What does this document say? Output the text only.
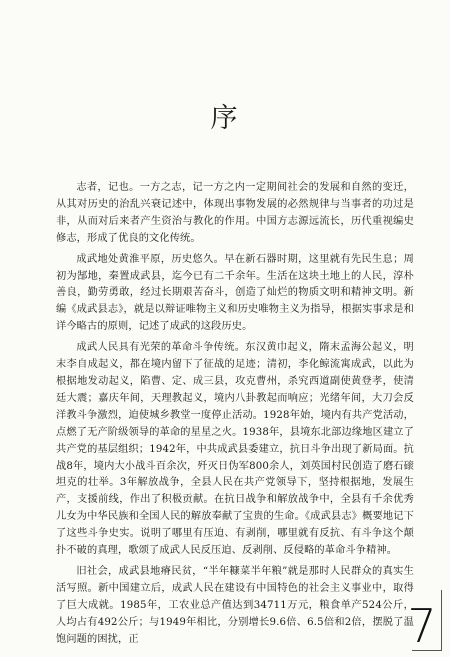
序

志者，记也。一方之志，记一方之内一定期间社会的发展和自然的变迁，从其对历史的治乱兴衰记述中，体现出事物发展的必然规律与当事者的功过是非，从而对后来者产生资治与教化的作用。中国方志源远流长，历代重视编史修志，形成了优良的文化传统。

成武地处黄淮平原，历史悠久。早在新石器时期，这里就有先民生息；周初为郜地，秦置成武县，迄今已有二千余年。生活在这块土地上的人民，淳朴善良，勤劳勇敢，经过长期艰苦奋斗，创造了灿烂的物质文明和精神文明。新编《成武县志》，就是以辩证唯物主义和历史唯物主义为指导，根据实事求是和详今略古的原则，记述了成武的这段历史。

成武人民具有光荣的革命斗争传统。东汉黄巾起义，隋末孟海公起义，明末李自成起义，都在境内留下了征战的足迹；清初，李化鲸流寓成武，以此为根据地发动起义，陷曹、定、成三县，攻克曹州，杀究西道副使黄登孝，使清廷大震；嘉庆年间，天理教起义，境内八卦教起而响应；光绪年间，大刀会反洋教斗争激烈，迫使城乡教堂一度停止活动。1928年始，境内有共产党活动，点燃了无产阶级领导的革命的星星之火。1938年，县境东北部边缘地区建立了共产党的基层组织；1942年，中共成武县委建立，抗日斗争出现了新局面。抗战8年，境内大小战斗百余次，歼灭日伪军800余人，刘英国村民创造了磨石磙坦克的壮举。3年解放战争，全县人民在共产党领导下，坚持根据地，发展生产，支援前线，作出了积极贡献。在抗日战争和解放战争中，全县有千余优秀儿女为中华民族和全国人民的解放奉献了宝贵的生命。《成武县志》概要地记下了这些斗争史实。说明了哪里有压迫、有剥削，哪里就有反抗、有斗争这个颠扑不破的真理，歌颂了成武人民反压迫、反剥削、反侵略的革命斗争精神。

旧社会，成武县地瘠民贫，“半年糠菜半年粮”就是那时人民群众的真实生活写照。新中国建立后，成武人民在建设有中国特色的社会主义事业中，取得了巨大成就。1985年，工农业总产值达到34711万元，粮食单产524公斤，人均占有492公斤；与1949年相比，分别增长9.6倍、6.5倍和2倍，摆脱了温饱问题的困扰，正	7
